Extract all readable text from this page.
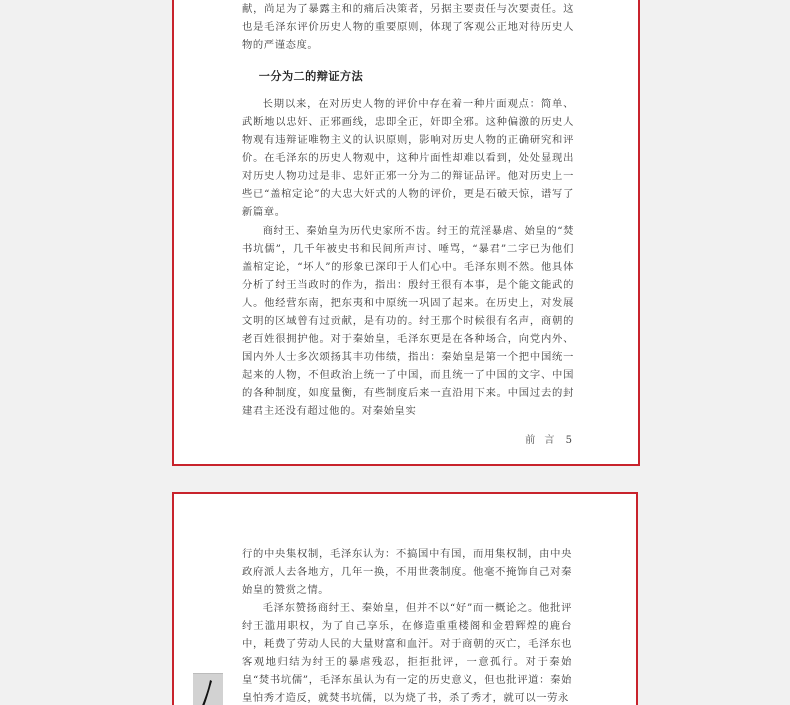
献，尚足为了暴露主和的痛后决策者，另据主要责任与次要责任。这也是毛泽东评价历史人物的重要原则，体现了客观公正地对待历史人物的严谨态度。

一分为二的辩证方法

长期以来，在对历史人物的评价中存在着一种片面观点：简单、武断地以忠奸、正邪画线，忠即全正，奸即全邪。这种偏激的历史人物观有违辩证唯物主义的认识原则，影响对历史人物的正确研究和评价。在毛泽东的历史人物观中，这种片面性却难以看到，处处显现出对历史人物功过是非、忠奸正邪一分为二的辩证品评。他对历史上一些已“盖棺定论”的大忠大奸式的人物的评价，更是石破天惊，谱写了新篇章。

商纣王、秦始皇为历代史家所不齿。纣王的荒淫暴虐、始皇的“焚书坑儒”，几千年被史书和民间所声讨、唾骂，“暴君”二字已为他们盖棺定论，“坏人”的形象已深印于人们心中。毛泽东则不然。他具体分析了纣王当政时的作为，指出：殷纣王很有本事，是个能文能武的人。他经营东南，把东夷和中原统一巩固了起来。在历史上，对发展文明的区域曾有过贡献，是有功的。纣王那个时候很有名声，商朝的老百姓很拥护他。对于秦始皇，毛泽东更是在各种场合，向党内外、国内外人士多次颂扬其丰功伟绩，指出：秦始皇是第一个把中国统一起来的人物，不但政治上统一了中国，而且统一了中国的文字、中国的各种制度，如度量衡，有些制度后来一直沿用下来。中国过去的封建君主还没有超过他的。对秦始皇实

前 言 5

行的中央集权制，毛泽东认为：不搞国中有国，而用集权制，由中央政府派人去各地方，几年一换，不用世袭制度。他毫不掩饰自己对秦始皇的赞赏之情。

毛泽东赞扬商纣王、秦始皇，但并不以“好”而一概论之。他批评纣王滥用职权，为了自己享乐，在修造重重楼阁和金碧辉煌的鹿台中，耗费了劳动人民的大量财富和血汗。对于商朝的灭亡，毛泽东也客观地归结为纣王的暴虐残忍，拒拒批评，一意孤行。对于秦始皇“焚书坑儒”，毛泽东虽认为有一定的历史意义，但也批评道：秦始皇怕秀才造反，就焚书坑儒，以为烧了书，杀了秀才，就可以一劳永
